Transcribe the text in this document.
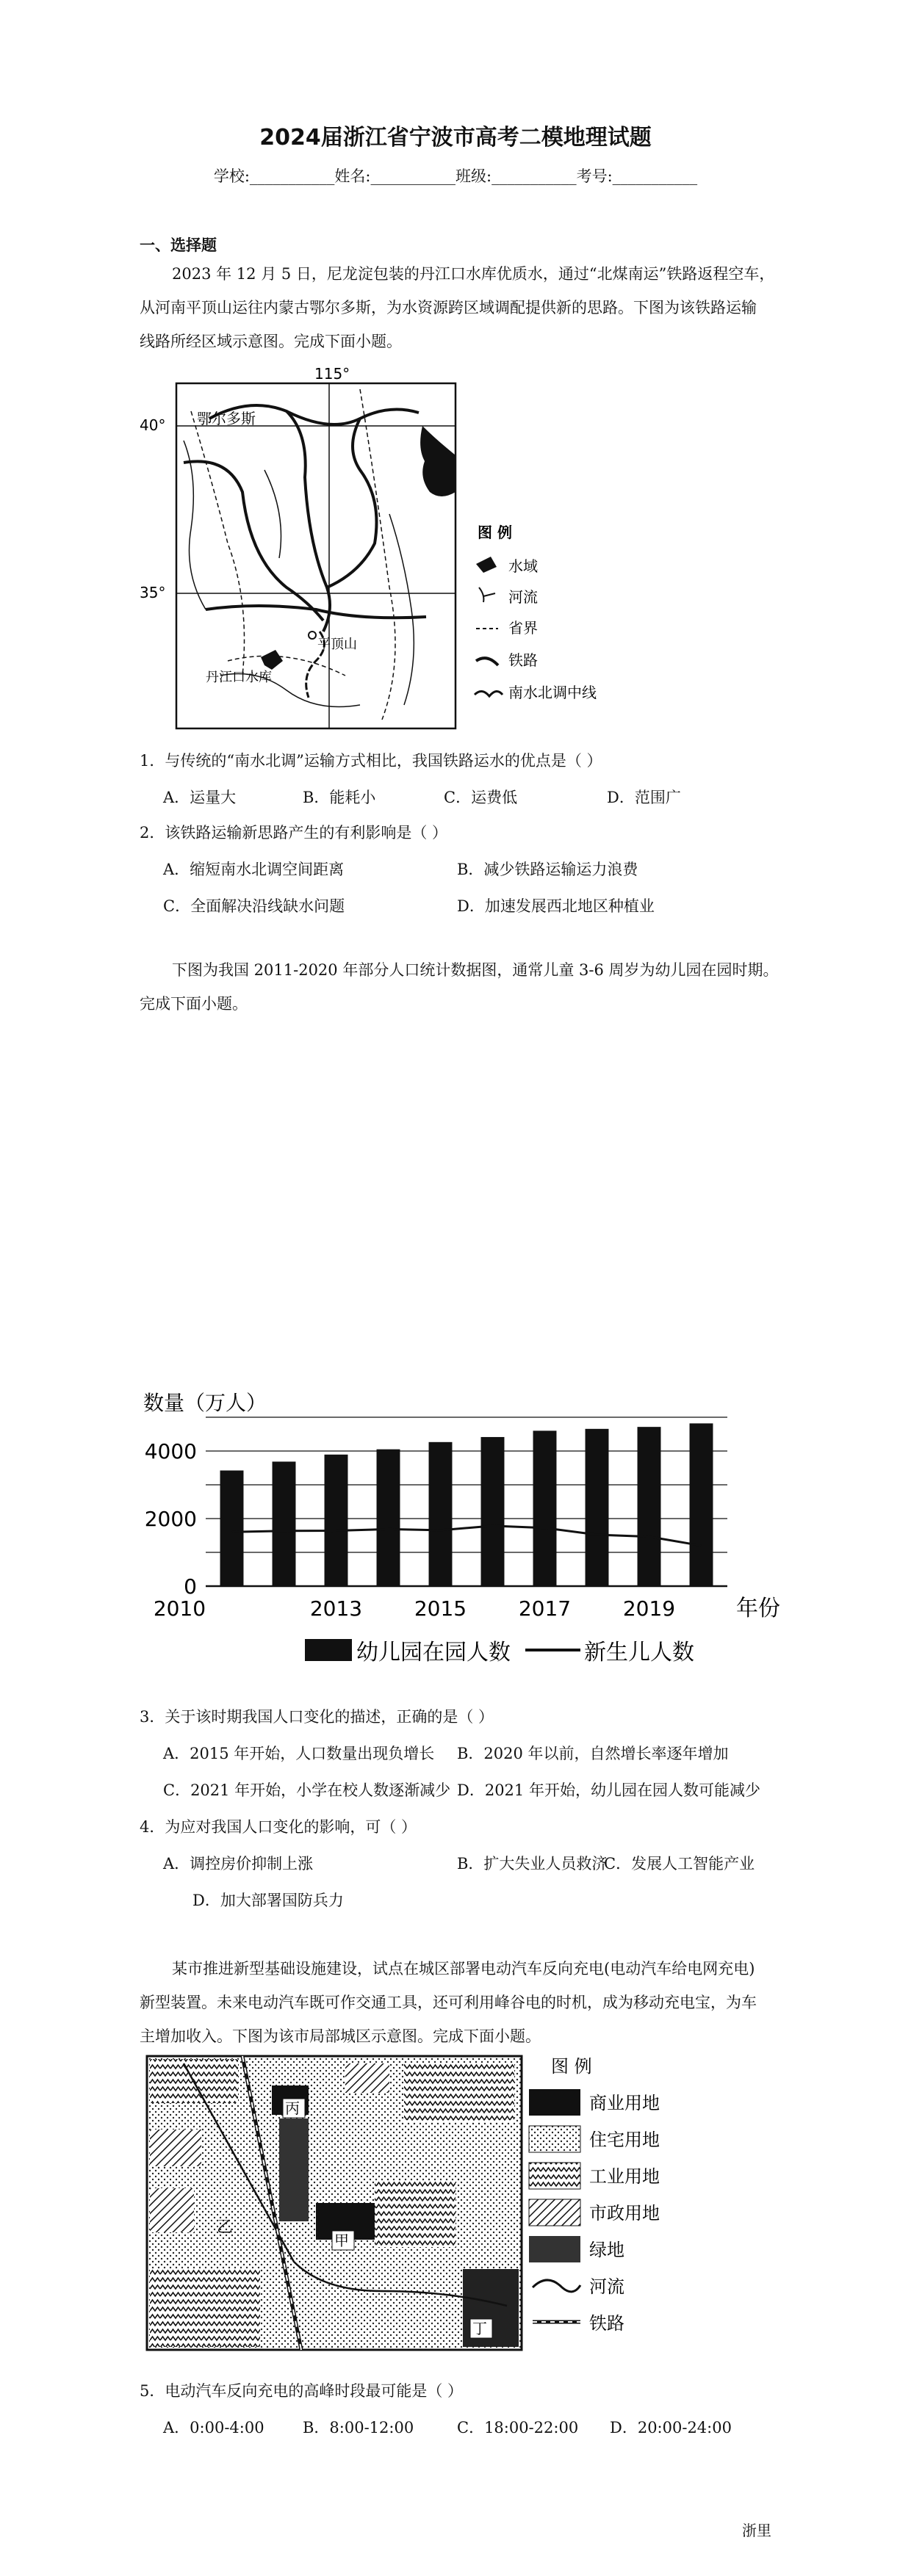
2024届浙江省宁波市高考二模地理试题
学校:___________姓名:___________班级:___________考号:___________
一、选择题
2023 年 12 月 5 日，尼龙淀包装的丹江口水库优质水，通过“北煤南运”铁路返程空车，
从河南平顶山运往内蒙古鄂尔多斯，为水资源跨区域调配提供新的思路。下图为该铁路运输
线路所经区域示意图。完成下面小题。
115°
40°
35°
鄂尔多斯
平顶山
丹江口水库
图 例
水域
河流
省界
铁路
南水北调中线
1．与传统的“南水北调”运输方式相比，我国铁路运水的优点是（ ）
A．运量大	B．能耗小	C．运费低	D．范围广
2．该铁路运输新思路产生的有利影响是（ ）
A．缩短南水北调空间距离	B．减少铁路运输运力浪费
C．全面解决沿线缺水问题	D．加速发展西北地区种植业
下图为我国 2011-2020 年部分人口统计数据图，通常儿童 3-6 周岁为幼儿园在园时期。
完成下面小题。
数量（万人）
年份
0
2000
4000
2010	2013	2015	2017	2019
幼儿园在园人数	新生儿人数
3．关于该时期我国人口变化的描述，正确的是（ ）
A．2015 年开始，人口数量出现负增长 B．2020 年以前，自然增长率逐年增加
C．2021 年开始，小学在校人数逐渐减少 D．2021 年开始，幼儿园在园人数可能减少
4．为应对我国人口变化的影响，可（ ）
A．调控房价抑制上涨	B．扩大失业人员救济
C．发展人工智能产业
D．加大部署国防兵力
某市推进新型基础设施建设，试点在城区部署电动汽车反向充电(电动汽车给电网充电)
新型装置。未来电动汽车既可作交通工具，还可利用峰谷电的时机，成为移动充电宝，为车
主增加收入。下图为该市局部城区示意图。完成下面小题。
丙
乙
甲
丁
图 例
商业用地
住宅用地
工业用地
市政用地
绿地
河流
铁路
5．电动汽车反向充电的高峰时段最可能是（ ）
A．0:00-4:00 B．8:00-12:00	C．18:00-22:00 D．20:00-24:00
浙里
